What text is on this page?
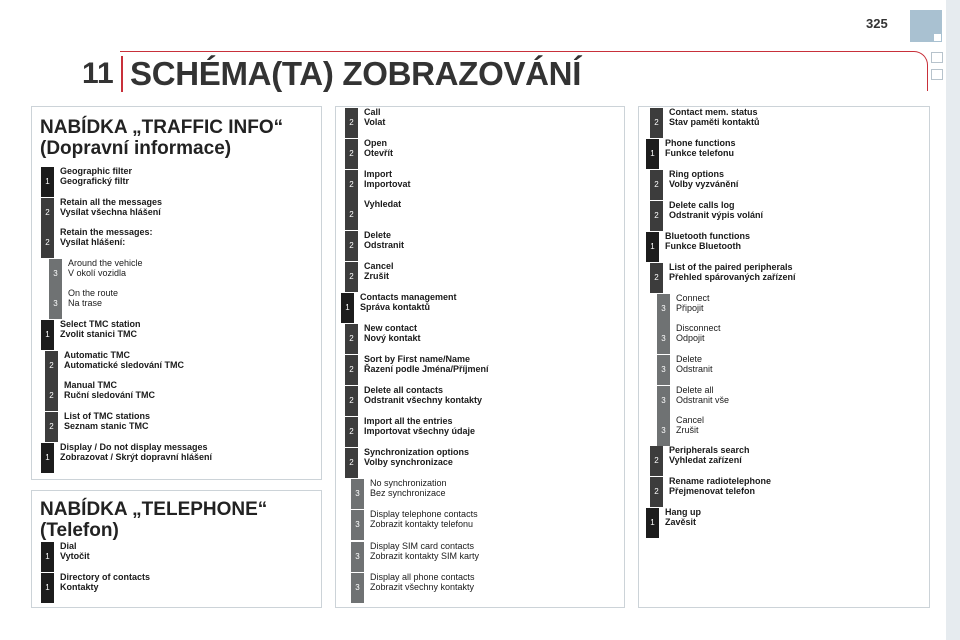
325
11 SCHÉMA(TA) ZOBRAZOVÁNÍ
NABÍDKA „TRAFFIC INFO“
(Dopravní informace)
NABÍDKA „TELEPHONE“
(Telefon)
1
Geographic filter
Geografický filtr
2
Retain all the messages
Vysílat všechna hlášení
2
Retain the messages:
Vysílat hlášení:
3
Around the vehicle
V okolí vozidla
3
On the route
Na trase
1
Select TMC station
Zvolit stanici TMC
2
Automatic TMC
Automatické sledování TMC
2
Manual TMC
Ruční sledování TMC
2
List of TMC stations
Seznam stanic TMC
1
Display / Do not display messages
Zobrazovat / Skrýt dopravní hlášení
1
Dial
Vytočit
1
Directory of contacts
Kontakty
2
Call
Volat
2
Open
Otevřít
2
Import
Importovat
2
Vyhledat
2
Delete
Odstranit
2
Cancel
Zrušit
1
Contacts management
Správa kontaktů
2
New contact
Nový kontakt
2
Sort by First name/Name
Řazení podle Jména/Příjmení
2
Delete all contacts
Odstranit všechny kontakty
2
Import all the entries
Importovat všechny údaje
2
Synchronization options
Volby synchronizace
3
No synchronization
Bez synchronizace
3
Display telephone contacts
Zobrazit kontakty telefonu
3
Display SIM card contacts
Zobrazit kontakty SIM karty
3
Display all phone contacts
Zobrazit všechny kontakty
2
Contact mem. status
Stav paměti kontaktů
1
Phone functions
Funkce telefonu
2
Ring options
Volby vyzvánění
2
Delete calls log
Odstranit výpis volání
1
Bluetooth functions
Funkce Bluetooth
2
List of the paired peripherals
Přehled spárovaných zařízení
3
Connect
Připojit
3
Disconnect
Odpojit
3
Delete
Odstranit
3
Delete all
Odstranit vše
3
Cancel
Zrušit
2
Peripherals search
Vyhledat zařízení
2
Rename radiotelephone
Přejmenovat telefon
1
Hang up
Zavěsit
